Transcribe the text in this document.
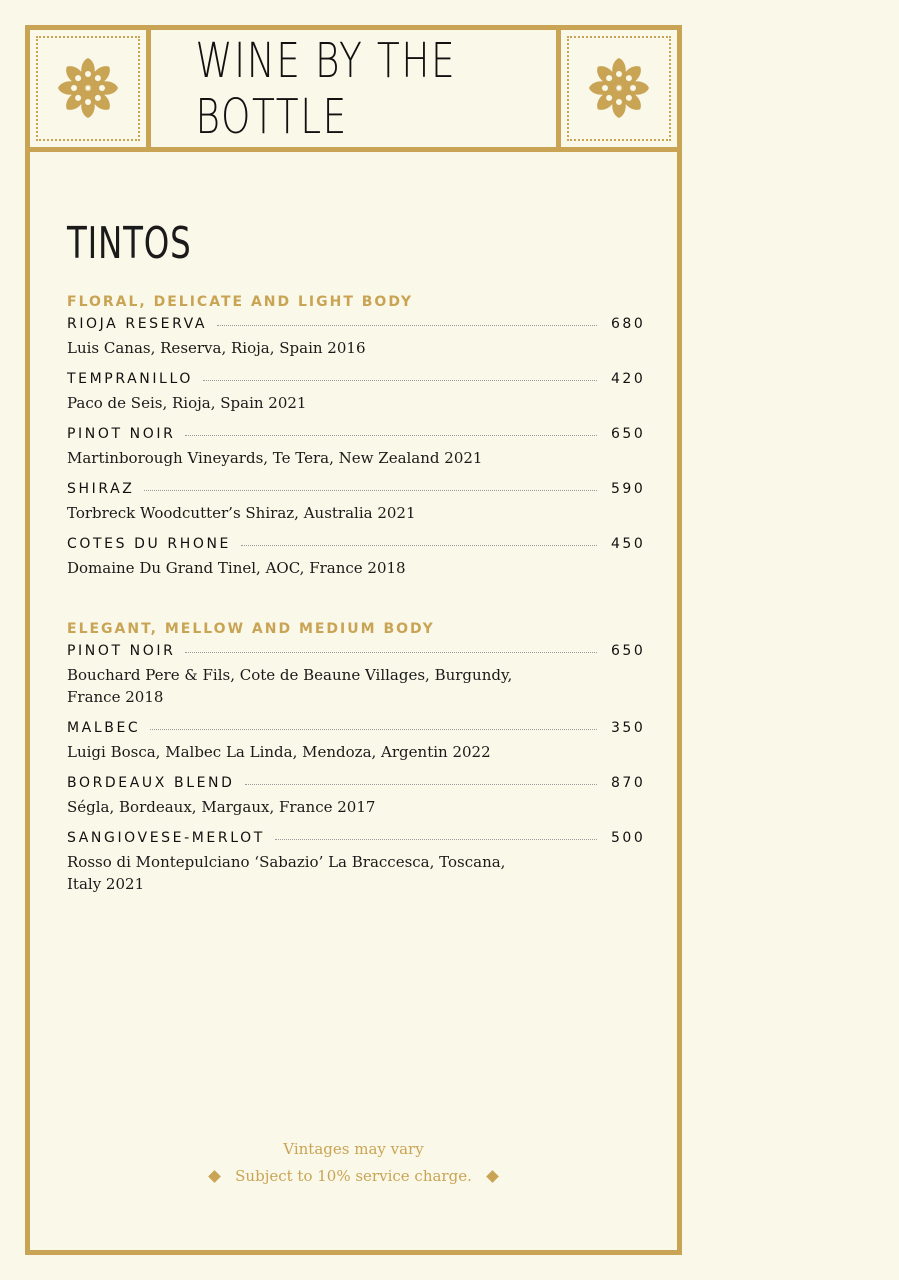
WINE BY THE BOTTLE
TINTOS
FLORAL, DELICATE AND LIGHT BODY
RIOJA RESERVA	680
Luis Canas, Reserva, Rioja, Spain 2016
TEMPRANILLO	420
Paco de Seis, Rioja, Spain 2021
PINOT NOIR	650
Martinborough Vineyards, Te Tera, New Zealand 2021
SHIRAZ	590
Torbreck Woodcutter’s Shiraz, Australia 2021
COTES DU RHONE	450
Domaine Du Grand Tinel, AOC, France 2018
ELEGANT, MELLOW AND MEDIUM BODY
PINOT NOIR	650
Bouchard Pere & Fils, Cote de Beaune Villages, Burgundy, France 2018
MALBEC	350
Luigi Bosca, Malbec La Linda, Mendoza, Argentin 2022
BORDEAUX BLEND	870
Ségla, Bordeaux, Margaux, France 2017
SANGIOVESE-MERLOT	500
Rosso di Montepulciano ‘Sabazio’ La Braccesca, Toscana, Italy 2021
Vintages may vary
Subject to 10% service charge.
